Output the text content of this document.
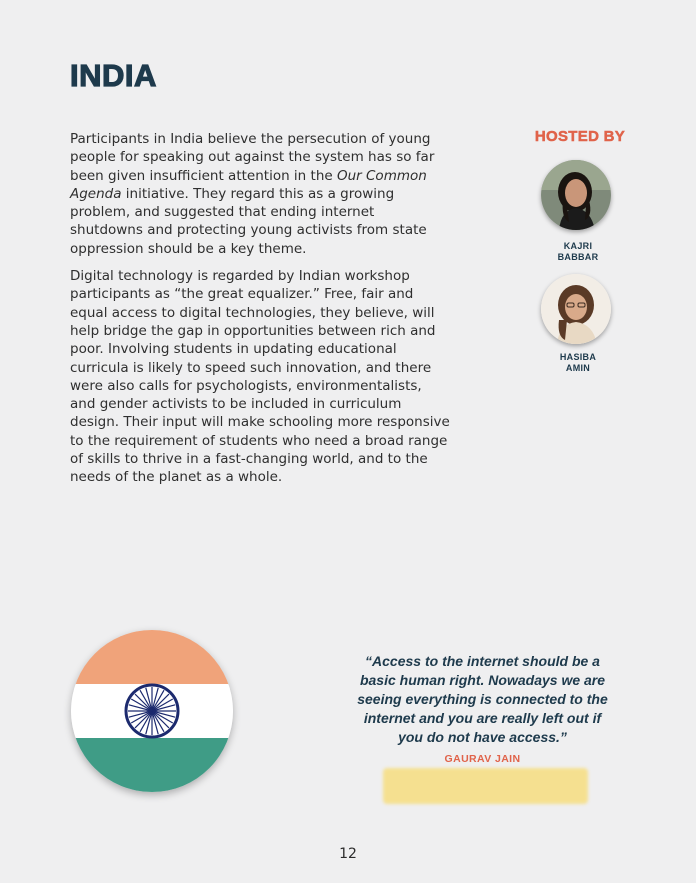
INDIA

Participants in India believe the persecution of young people for speaking out against the system has so far been given insufficient attention in the Our Common Agenda initiative. They regard this as a growing problem, and suggested that ending internet shutdowns and protecting young activists from state oppression should be a key theme.

Digital technology is regarded by Indian workshop participants as “the great equalizer.” Free, fair and equal access to digital technologies, they believe, will help bridge the gap in opportunities between rich and poor. Involving students in updating educational curricula is likely to speed such innovation, and there were also calls for psychologists, environmentalists, and gender activists to be included in curriculum design. Their input will make schooling more responsive to the requirement of students who need a broad range of skills to thrive in a fast-changing world, and to the needs of the planet as a whole.

HOSTED BY
KAJRI
BABBAR
HASIBA
AMIN
“Access to the internet should be a basic human right. Nowadays we are seeing everything is connected to the internet and you are really left out if you do not have access.”
GAURAV JAIN
12
